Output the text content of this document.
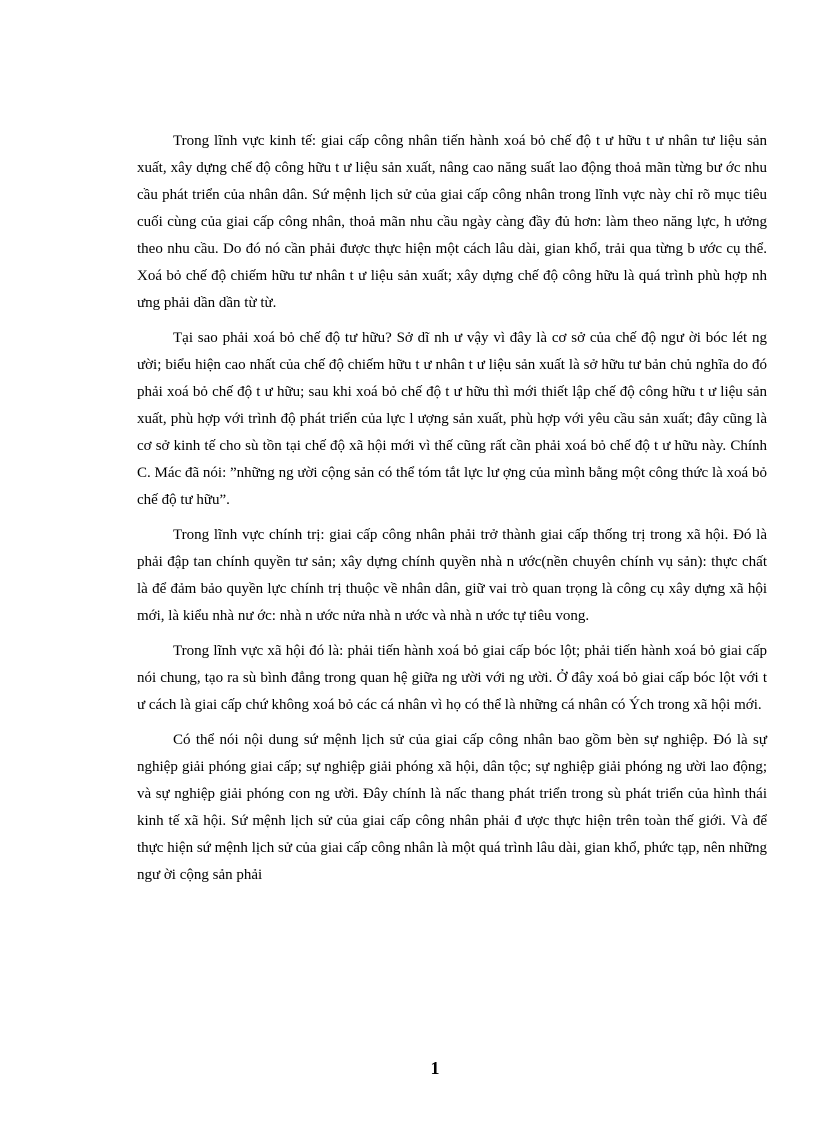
Trong lĩnh vực kinh tế: giai cấp công nhân tiến hành xoá bỏ chế độ t ư hữu t ư nhân tư liệu sản xuất, xây dựng chế độ công hữu t ư liệu sản xuất, nâng cao năng suất lao động thoả mãn từng bư ớc nhu cầu phát triển của nhân dân. Sứ mệnh lịch sử của giai cấp công nhân trong lĩnh vực này chỉ rõ mục tiêu cuối cùng của giai cấp công nhân, thoả mãn nhu cầu ngày càng đầy đủ hơn: làm theo năng lực, h ưởng theo nhu cầu. Do đó nó cần phải được thực hiện một cách lâu dài, gian khổ, trải qua từng b ước cụ thể. Xoá bỏ chế độ chiếm hữu tư nhân t ư liệu sản xuất; xây dựng chế độ công hữu là quá trình phù hợp nh ưng phải dần dần từ từ.

Tại sao phải xoá bỏ chế độ tư hữu? Sở dĩ nh ư vậy vì đây là cơ sở của chế độ ngư ời bóc lét ng ười; biểu hiện cao nhất của chế độ chiếm hữu t ư nhân t ư liệu sản xuất là sở hữu tư bản chủ nghĩa do đó phải xoá bỏ chế độ t ư hữu; sau khi xoá bỏ chế độ t ư hữu thì mới thiết lập chế độ công hữu t ư liệu sản xuất, phù hợp với trình độ phát triển của lực l ượng sản xuất, phù hợp với yêu cầu sản xuất; đây cũng là cơ sở kinh tế cho sù tồn tại chế độ xã hội mới vì thế cũng rất cần phải xoá bỏ chế độ t ư hữu này. Chính C. Mác đã nói: ”những ng ười cộng sản có thể tóm tắt lực lư ợng của mình bằng một công thức là xoá bỏ chế độ tư hữu”.

Trong lĩnh vực chính trị: giai cấp công nhân phải trở thành giai cấp thống trị trong xã hội. Đó là phải đập tan chính quyền tư sản; xây dựng chính quyền nhà n ước(nền chuyên chính vụ sản): thực chất là để đảm bảo quyền lực chính trị thuộc về nhân dân, giữ vai trò quan trọng là công cụ xây dựng xã hội mới, là kiểu nhà nư ớc: nhà n ước nửa nhà n ước và nhà n ước tự tiêu vong.

Trong lĩnh vực xã hội đó là: phải tiến hành xoá bỏ giai cấp bóc lột; phải tiến hành xoá bỏ giai cấp nói chung, tạo ra sù bình đẳng trong quan hệ giữa ng ười với ng ười. Ở đây xoá bỏ giai cấp bóc lột với t ư cách là giai cấp chứ không xoá bỏ các cá nhân vì họ có thể là những cá nhân có Ých trong xã hội mới.

Có thể nói nội dung sứ mệnh lịch sử của giai cấp công nhân bao gồm bèn sự nghiệp. Đó là sự nghiệp giải phóng giai cấp; sự nghiệp giải phóng xã hội, dân tộc; sự nghiệp giải phóng ng ười lao động; và sự nghiệp giải phóng con ng ười. Đây chính là nấc thang phát triển trong sù phát triển của hình thái kinh tế xã hội. Sứ mệnh lịch sử của giai cấp công nhân phải đ ược thực hiện trên toàn thế giới. Và để thực hiện sứ mệnh lịch sử của giai cấp công nhân là một quá trình lâu dài, gian khổ, phức tạp, nên những ngư ời cộng sản phải

1
